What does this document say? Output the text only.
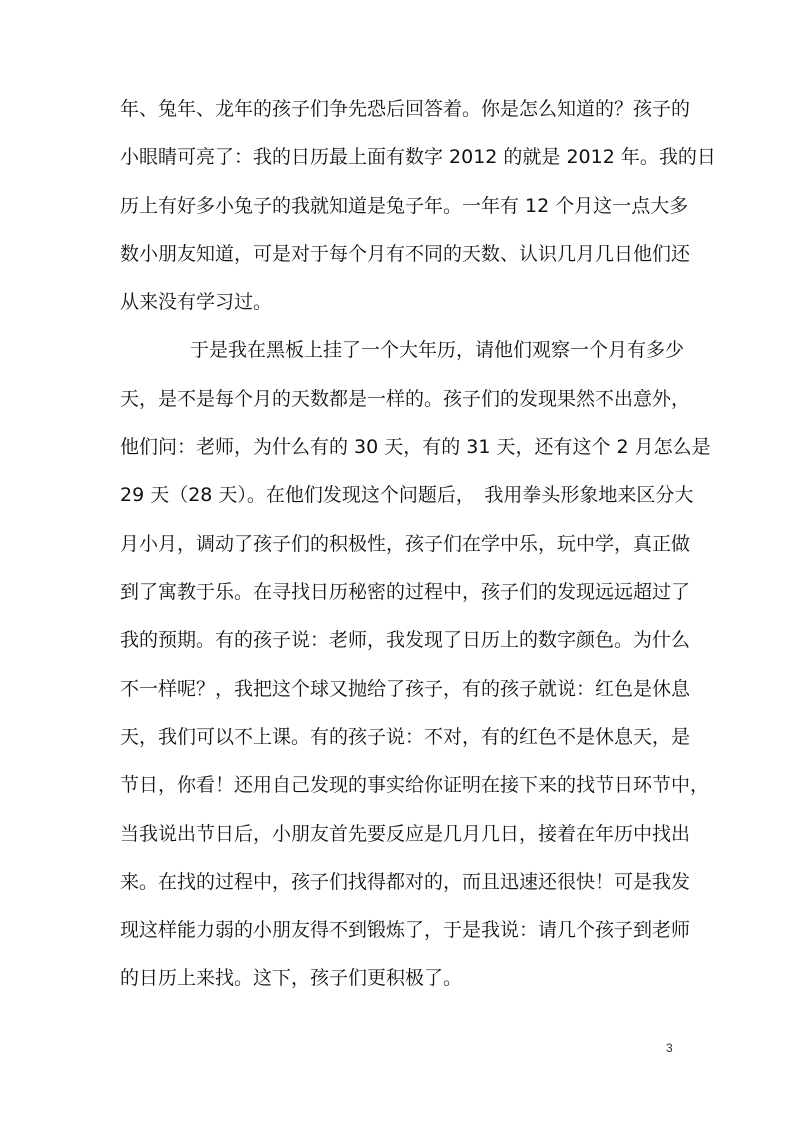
年、兔年、龙年的孩子们争先恐后回答着。你是怎么知道的？孩子的
小眼睛可亮了：我的日历最上面有数字 2012 的就是 2012 年。我的日
历上有好多小兔子的我就知道是兔子年。一年有 12 个月这一点大多
数小朋友知道，可是对于每个月有不同的天数、认识几月几日他们还
从来没有学习过。
于是我在黑板上挂了一个大年历，请他们观察一个月有多少
天，是不是每个月的天数都是一样的。孩子们的发现果然不出意外，
他们问：老师，为什么有的 30 天，有的 31 天，还有这个 2 月怎么是
29 天（28 天）。在他们发现这个问题后，　我用拳头形象地来区分大
月小月，调动了孩子们的积极性，孩子们在学中乐，玩中学，真正做
到了寓教于乐。在寻找日历秘密的过程中，孩子们的发现远远超过了
我的预期。有的孩子说：老师，我发现了日历上的数字颜色。为什么
不一样呢？，我把这个球又抛给了孩子，有的孩子就说：红色是休息
天，我们可以不上课。有的孩子说：不对，有的红色不是休息天，是
节日，你看！还用自己发现的事实给你证明在接下来的找节日环节中，
当我说出节日后，小朋友首先要反应是几月几日，接着在年历中找出
来。在找的过程中，孩子们找得都对的，而且迅速还很快！可是我发
现这样能力弱的小朋友得不到锻炼了，于是我说：请几个孩子到老师
的日历上来找。这下，孩子们更积极了。
3
